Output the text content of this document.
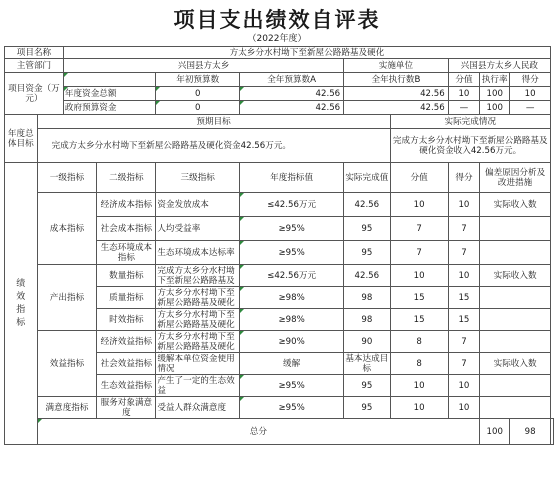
项目支出绩效自评表
（2022年度）
项目名称		方太乡分水村坳下至新屋公路路基及硬化									
主管部门		兴国县方太乡				实施单位		兴国县方太乡人民政			
项目资金（万元）				年初预算数	全年预算数A	全年执行数B		分值	执行率	得分	
		年度资金总额		0	42.56	42.56		10	100	10	
		政府预算资金		0	42.56	42.56		—	100	—	
年度总体目标	预期目标						实际完成情况				
	完成方太乡分水村坳下至新屋公路路基及硬化资金42.56万元。						完成方太乡分水村坳下至新屋公路路基及硬化资金收入42.56万元。				
绩效指标	一级指标		二级指标	三级指标	年度指标值	实际完成值	分值	得分	偏差原因分析及改进措施		
	成本指标		经济成本指标	资金发放成本	≤42.56万元	42.56	10	10	实际收入数		
			社会成本指标	人均受益率	≥95%	95	7	7			
			生态环境成本指标	生态环境成本达标率	≥95%	95	7	7			
	产出指标		数量指标	完成方太乡分水村坳下至新屋公路路基及	≤42.56万元	42.56	10	10	实际收入数		
			质量指标	方太乡分水村坳下至新屋公路路基及硬化	≥98%	98	15	15			
			时效指标	方太乡分水村坳下至新屋公路路基及硬化	≥98%	98	15	15			
	效益指标		经济效益指标	方太乡分水村坳下至新屋公路路基及硬化	≥90%	90	8	7			
			社会效益指标	缓解本单位资金使用情况	缓解	基本达成目标	8	7	实际收入数		
			生态效益指标	产生了一定的生态效益	≥95%	95	10	10			
	满意度指标		服务对象满意度	受益人群众满意度	≥95%	95	10	10			
	总分								100	98	
